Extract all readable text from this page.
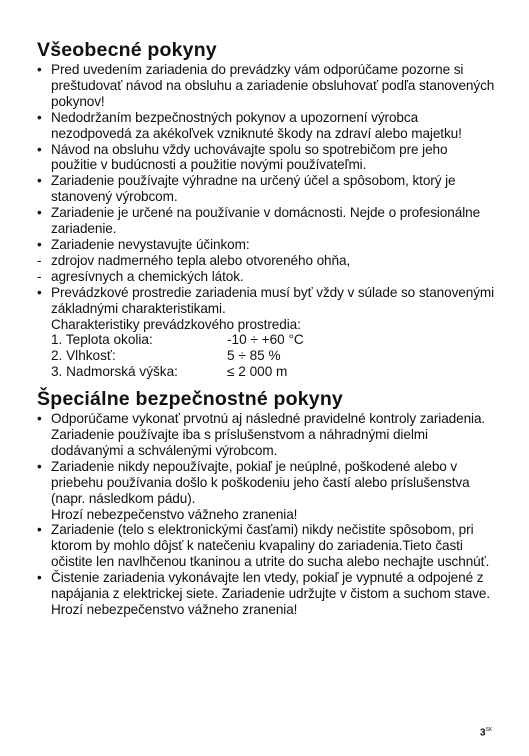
Všeobecné pokyny
• Pred uvedením zariadenia do prevádzky vám odporúčame pozorne si preštudovať návod na obsluhu a zariadenie obsluhovať podľa stanovených pokynov!
• Nedodržaním bezpečnostných pokynov a upozornení výrobca nezodpovedá za akékoľvek vzniknuté škody na zdraví alebo majetku!
• Návod na obsluhu vždy uchovávajte spolu so spotrebičom pre jeho použitie v budúcnosti a použitie novými používateľmi.
• Zariadenie používajte výhradne na určený účel a spôsobom, ktorý je stanovený výrobcom.
• Zariadenie je určené na používanie v domácnosti. Nejde o profesionálne zariadenie.
• Zariadenie nevystavujte účinkom:
- zdrojov nadmerného tepla alebo otvoreného ohňa,
- agresívnych a chemických látok.
• Prevádzkové prostredie zariadenia musí byť vždy v súlade so stanovenými základnými charakteristikami.
Charakteristiky prevádzkového prostredia:
1. Teplota okolia:	-10 ÷ +60 °C
2. Vlhkosť:	5 ÷ 85 %
3. Nadmorská výška:	≤ 2 000 m
Špeciálne bezpečnostné pokyny
• Odporúčame vykonať prvotnú aj následné pravidelné kontroly zariadenia. Zariadenie používajte iba s príslušenstvom a náhradnými dielmi dodávanými a schválenými výrobcom.
• Zariadenie nikdy nepoužívajte, pokiaľ je neúplné, poškodené alebo v priebehu používania došlo k poškodeniu jeho častí alebo príslušenstva (napr. následkom pádu).
Hrozí nebezpečenstvo vážneho zranenia!
• Zariadenie (telo s elektronickými časťami) nikdy nečistite spôsobom, pri ktorom by mohlo dôjsť k natečeniu kvapaliny do zariadenia.Tieto časti očistite len navlhčenou tkaninou a utrite do sucha alebo nechajte uschnúť.
• Čistenie zariadenia vykonávajte len vtedy, pokiaľ je vypnuté a odpojené z napájania z elektrickej siete. Zariadenie udržujte v čistom a suchom stave.
Hrozí nebezpečenstvo vážneho zranenia!
$3^{SK}$
